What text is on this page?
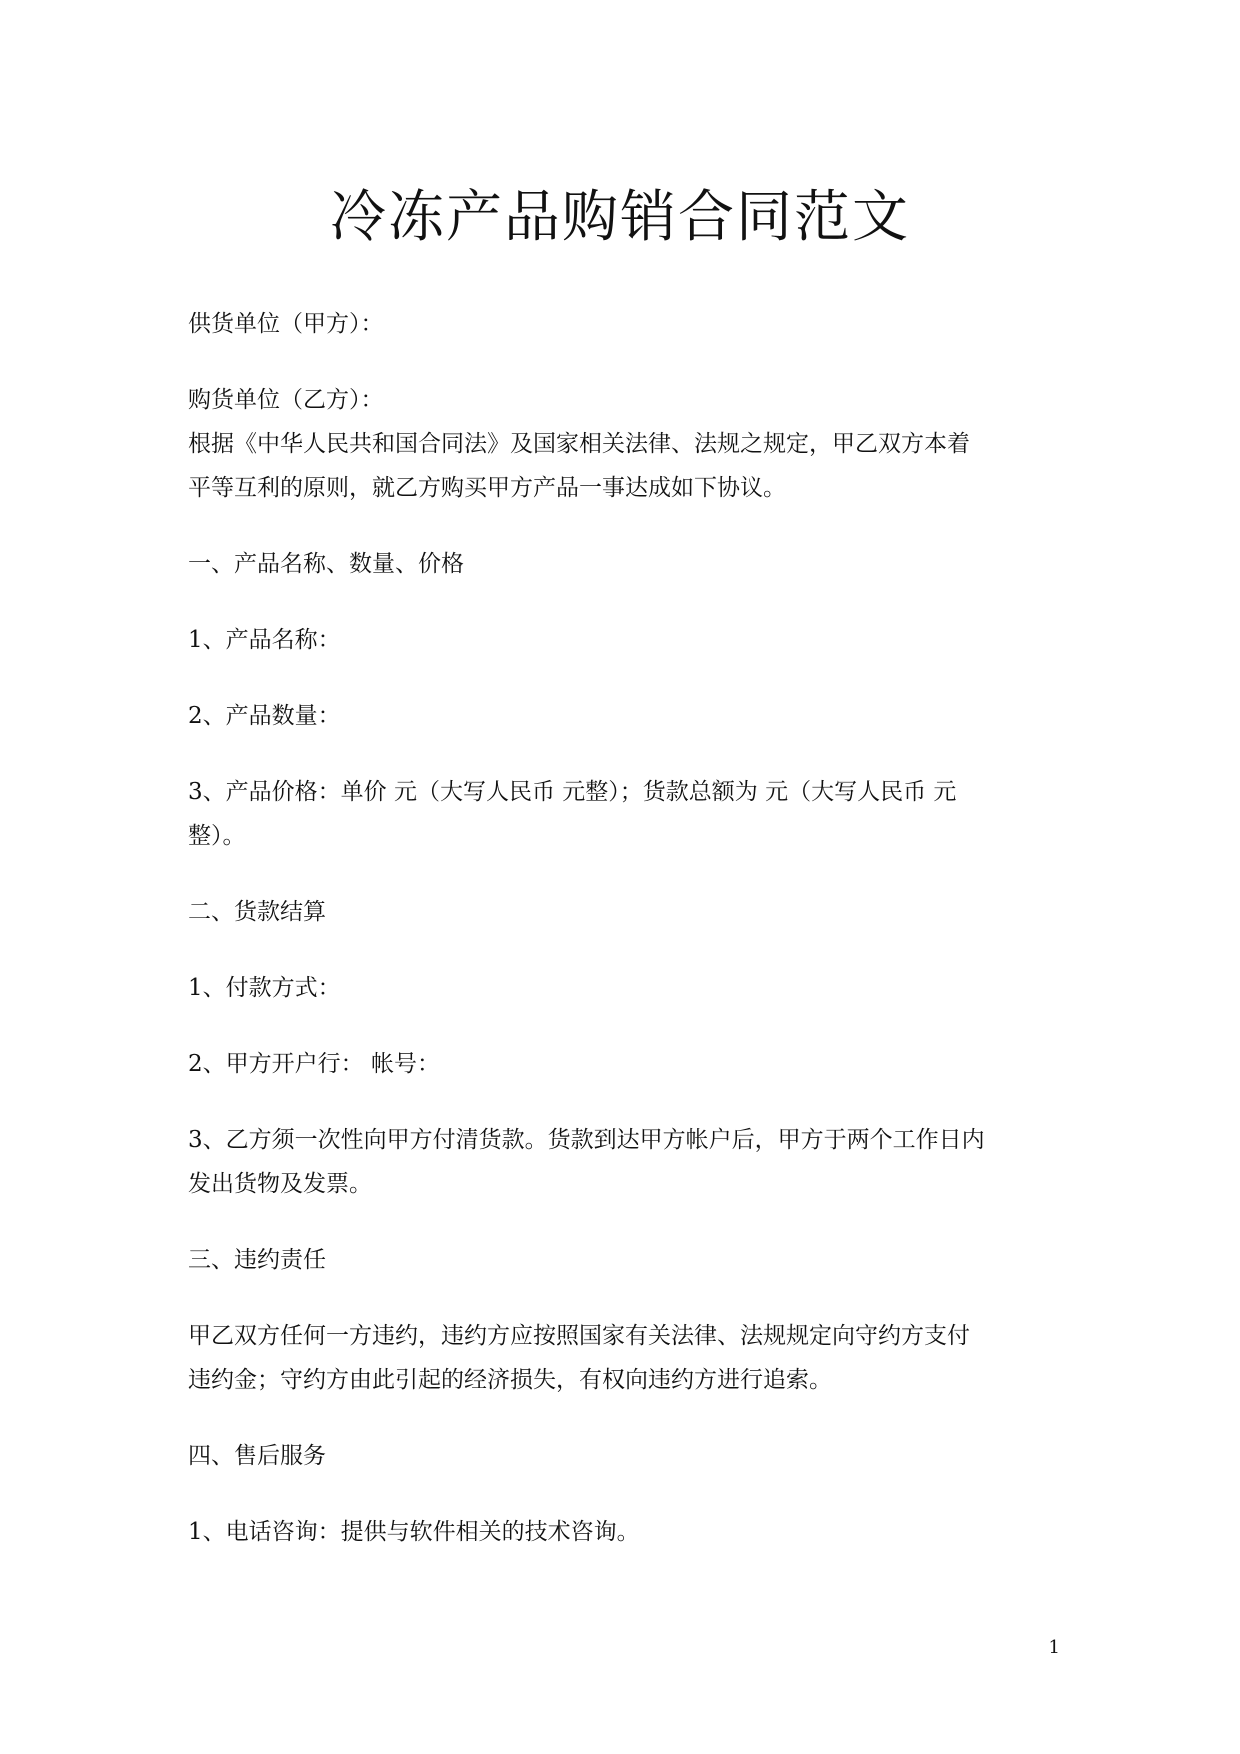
冷冻产品购销合同范文
供货单位（甲方）：
购货单位（乙方）：
根据《中华人民共和国合同法》及国家相关法律、法规之规定，甲乙双方本着
平等互利的原则，就乙方购买甲方产品一事达成如下协议。
一、产品名称、数量、价格
1、产品名称：
2、产品数量：
3、产品价格：单价 元（大写人民币 元整）；货款总额为 元（大写人民币 元
整）。
二、货款结算
1、付款方式：
2、甲方开户行： 帐号：
3、乙方须一次性向甲方付清货款。货款到达甲方帐户后，甲方于两个工作日内
发出货物及发票。
三、违约责任
甲乙双方任何一方违约，违约方应按照国家有关法律、法规规定向守约方支付
违约金；守约方由此引起的经济损失，有权向违约方进行追索。
四、售后服务
1、电话咨询：提供与软件相关的技术咨询。
1
